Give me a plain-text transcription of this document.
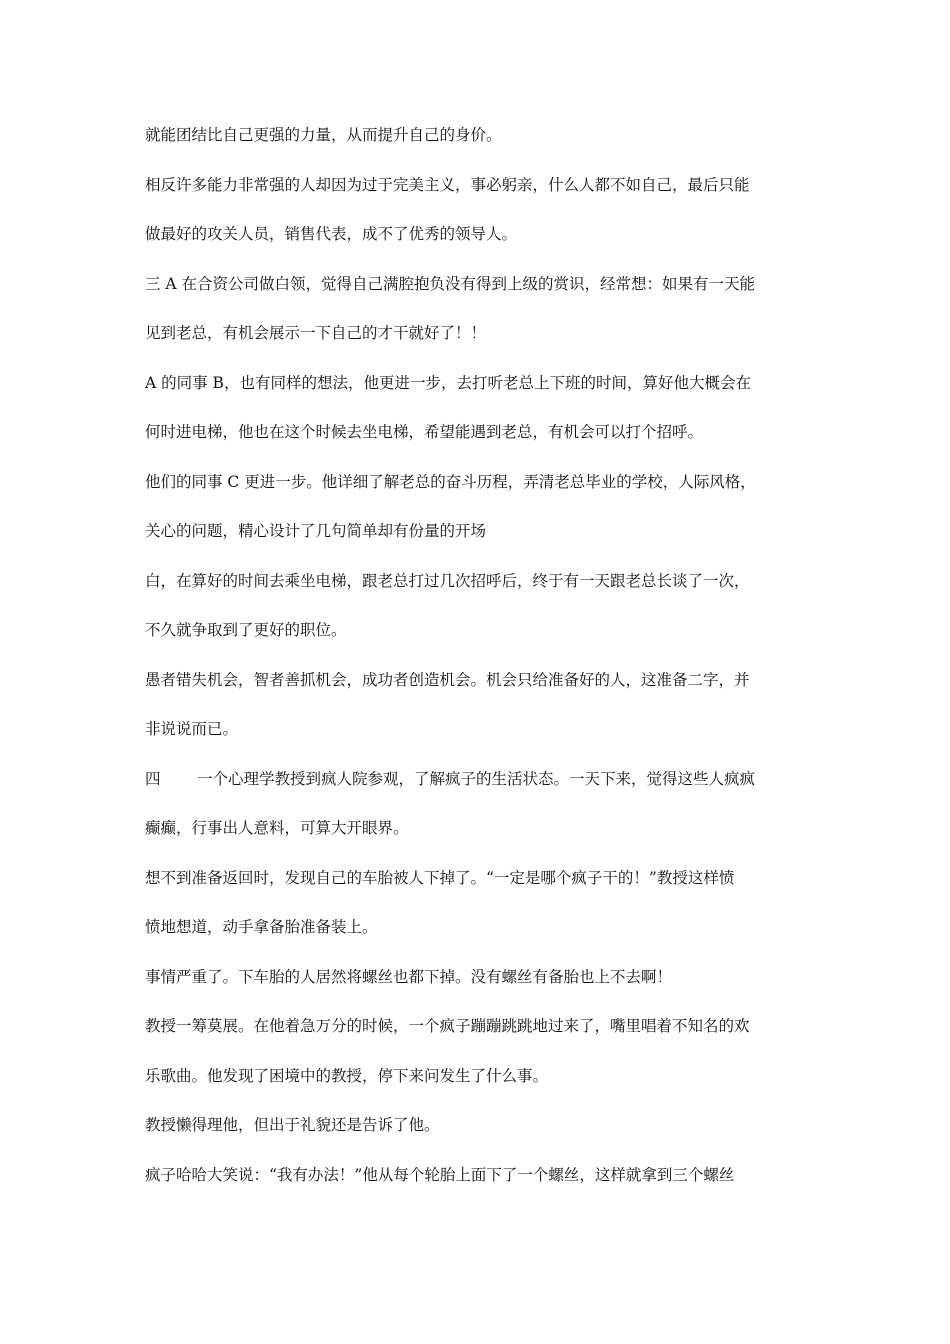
就能团结比自己更强的力量，从而提升自己的身价。
相反许多能力非常强的人却因为过于完美主义，事必躬亲，什么人都不如自己，最后只能
做最好的攻关人员，销售代表，成不了优秀的领导人。
三 A 在合资公司做白领，觉得自己满腔抱负没有得到上级的赏识，经常想：如果有一天能
见到老总，有机会展示一下自己的才干就好了！！
A 的同事 B，也有同样的想法，他更进一步，去打听老总上下班的时间，算好他大概会在
何时进电梯，他也在这个时候去坐电梯，希望能遇到老总，有机会可以打个招呼。
他们的同事 C 更进一步。他详细了解老总的奋斗历程，弄清老总毕业的学校，人际风格，
关心的问题，精心设计了几句简单却有份量的开场
白，在算好的时间去乘坐电梯，跟老总打过几次招呼后，终于有一天跟老总长谈了一次，
不久就争取到了更好的职位。
愚者错失机会，智者善抓机会，成功者创造机会。机会只给准备好的人，这准备二字，并
非说说而已。
四 一个心理学教授到疯人院参观，了解疯子的生活状态。一天下来，觉得这些人疯疯
癫癫，行事出人意料，可算大开眼界。
想不到准备返回时，发现自己的车胎被人下掉了。“一定是哪个疯子干的！”教授这样愤
愤地想道，动手拿备胎准备装上。
事情严重了。下车胎的人居然将螺丝也都下掉。没有螺丝有备胎也上不去啊！
教授一筹莫展。在他着急万分的时候，一个疯子蹦蹦跳跳地过来了，嘴里唱着不知名的欢
乐歌曲。他发现了困境中的教授，停下来问发生了什么事。
教授懒得理他，但出于礼貌还是告诉了他。
疯子哈哈大笑说：“我有办法！”他从每个轮胎上面下了一个螺丝，这样就拿到三个螺丝
